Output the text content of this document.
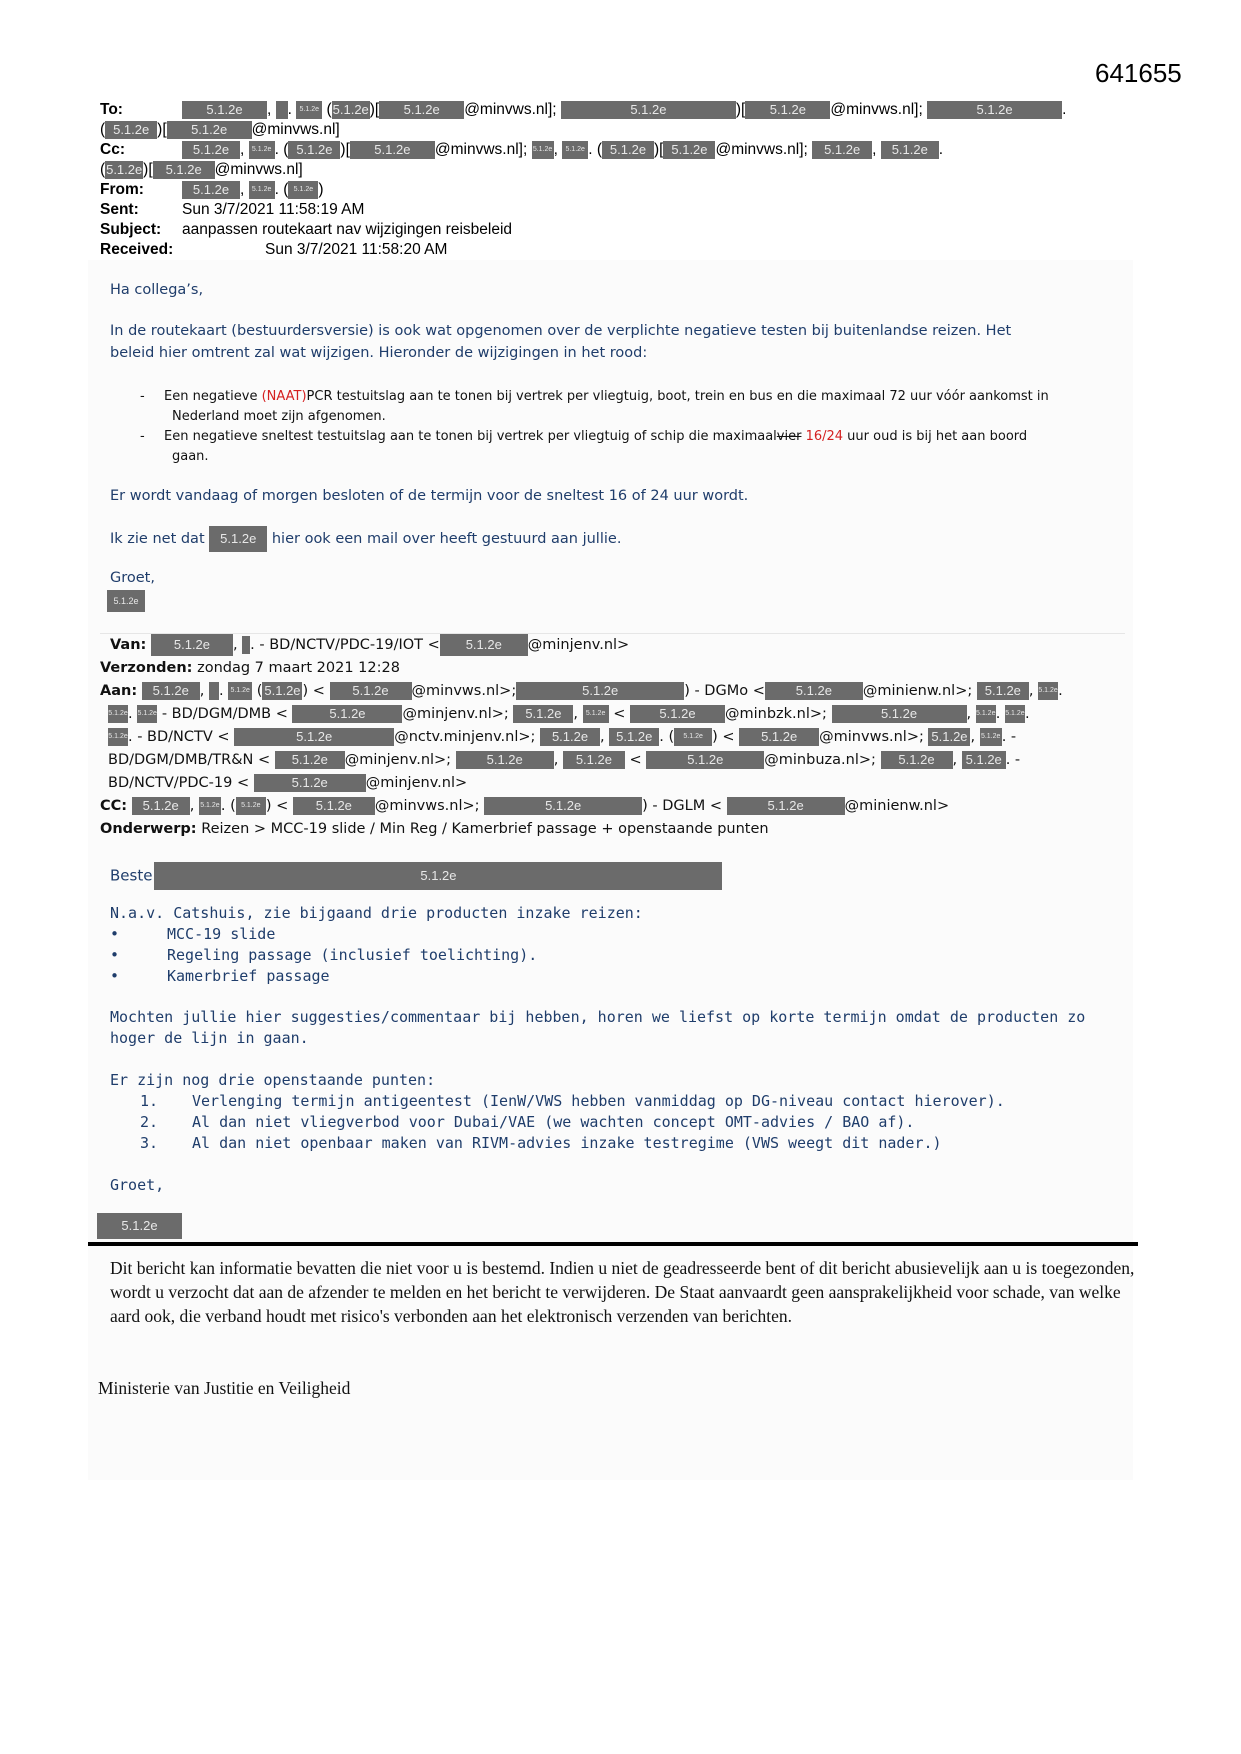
641655
To:	5.1.2e , . 5.1.2e (5.1.2e)[ 5.1.2e @minvws.nl];	5.1.2e	)[ 5.1.2e @minvws.nl];	5.1.2e	.
( 5.1.2e )[ 5.1.2e @minvws.nl]
Cc:	5.1.2e , 5.1.2e . ( 5.1.2e )[ 5.1.2e @minvws.nl]; 5.1.2e, 5.1.2e . ( 5.1.2e )[ 5.1.2e @minvws.nl]; 5.1.2e , 5.1.2e .
(5.1.2e)[ 5.1.2e @minvws.nl]
From:	5.1.2e , 5.1.2e . ( 5.1.2e )
Sent:	Sun 3/7/2021 11:58:19 AM
Subject: aanpassen routekaart nav wijzigingen reisbeleid
Received:	Sun 3/7/2021 11:58:20 AM
Ha collega’s,
In de routekaart (bestuurdersversie) is ook wat opgenomen over de verplichte negatieve testen bij buitenlandse reizen. Het
beleid hier omtrent zal wat wijzigen. Hieronder de wijzigingen in het rood:
- Een negatieve (NAAT)PCR testuitslag aan te tonen bij vertrek per vliegtuig, boot, trein en bus en die maximaal 72 uur vóór aankomst in
Nederland moet zijn afgenomen.
- Een negatieve sneltest testuitslag aan te tonen bij vertrek per vliegtuig of schip die maximaalvier 16/24 uur oud is bij het aan boord
gaan.
Er wordt vandaag of morgen besloten of de termijn voor de sneltest 16 of 24 uur wordt.
Ik zie net dat 5.1.2e hier ook een mail over heeft gestuurd aan jullie.
Groet,
5.1.2e
Van: 5.1.2e , . - BD/NCTV/PDC-19/IOT < 5.1.2e @minjenv.nl>
Verzonden: zondag 7 maart 2021 12:28
Aan: 5.1.2e , . 5.1.2e ( 5.1.2e ) < 5.1.2e @minvws.nl>;	5.1.2e	) - DGMo < 5.1.2e @minienw.nl>; 5.1.2e , 5.1.2e.
5.1.2e. 5.1.2e - BD/DGM/DMB <	5.1.2e	@minjenv.nl>; 5.1.2e , 5.1.2e < 5.1.2e @minbzk.nl>;	5.1.2e	, 5.1.2e. 5.1.2e.
5.1.2e. - BD/NCTV <	5.1.2e	@nctv.minjenv.nl>; 5.1.2e , 5.1.2e . ( 5.1.2e ) < 5.1.2e @minvws.nl>; 5.1.2e , 5.1.2e. -
BD/DGM/DMB/TR&N < 5.1.2e @minjenv.nl>;	5.1.2e , 5.1.2e <	5.1.2e	@minbuza.nl>; 5.1.2e , 5.1.2e . -
BD/NCTV/PDC-19 <	5.1.2e	@minjenv.nl>
CC: 5.1.2e , 5.1.2e. ( 5.1.2e ) < 5.1.2e @minvws.nl>;	5.1.2e	) - DGLM <	5.1.2e	@minienw.nl>
Onderwerp: Reizen > MCC-19 slide / Min Reg / Kamerbrief passage + openstaande punten
Beste	5.1.2e
N.a.v. Catshuis, zie bijgaand drie producten inzake reizen:
•	MCC-19 slide
•	Regeling passage (inclusief toelichting).
•	Kamerbrief passage
Mochten jullie hier suggesties/commentaar bij hebben, horen we liefst op korte termijn omdat de producten zo
hoger de lijn in gaan.
Er zijn nog drie openstaande punten:
1. Verlenging termijn antigeentest (IenW/VWS hebben vanmiddag op DG-niveau contact hierover).
2. Al dan niet vliegverbod voor Dubai/VAE (we wachten concept OMT-advies / BAO af).
3. Al dan niet openbaar maken van RIVM-advies inzake testregime (VWS weegt dit nader.)
Groet,
5.1.2e
Dit bericht kan informatie bevatten die niet voor u is bestemd. Indien u niet de geadresseerde bent of dit bericht abusievelijk aan u is toegezonden, wordt u verzocht dat aan de afzender te melden en het bericht te verwijderen. De Staat aanvaardt geen aansprakelijkheid voor schade, van welke aard ook, die verband houdt met risico's verbonden aan het elektronisch verzenden van berichten.
Ministerie van Justitie en Veiligheid
